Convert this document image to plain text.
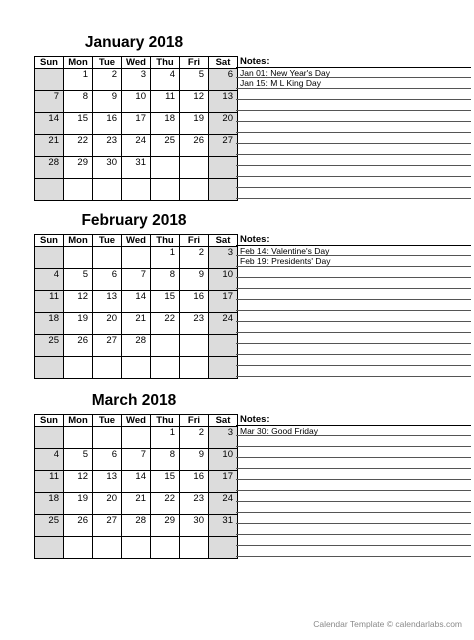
January 2018
Sun	Mon	Tue	Wed	Thu	Fri	Sat
	1	2	3	4	5	6
7	8	9	10	11	12	13
14	15	16	17	18	19	20
21	22	23	24	25	26	27
28	29	30	31			

Notes:
Jan 01: New Year's Day
Jan 15: M L King Day
February 2018
Sun	Mon	Tue	Wed	Thu	Fri	Sat
				1	2	3
4	5	6	7	8	9	10
11	12	13	14	15	16	17
18	19	20	21	22	23	24
25	26	27	28			

Notes:
Feb 14: Valentine's Day
Feb 19: Presidents' Day
March 2018
Sun	Mon	Tue	Wed	Thu	Fri	Sat
				1	2	3
4	5	6	7	8	9	10
11	12	13	14	15	16	17
18	19	20	21	22	23	24
25	26	27	28	29	30	31

Notes:
Mar 30: Good Friday
Calendar Template © calendarlabs.com
